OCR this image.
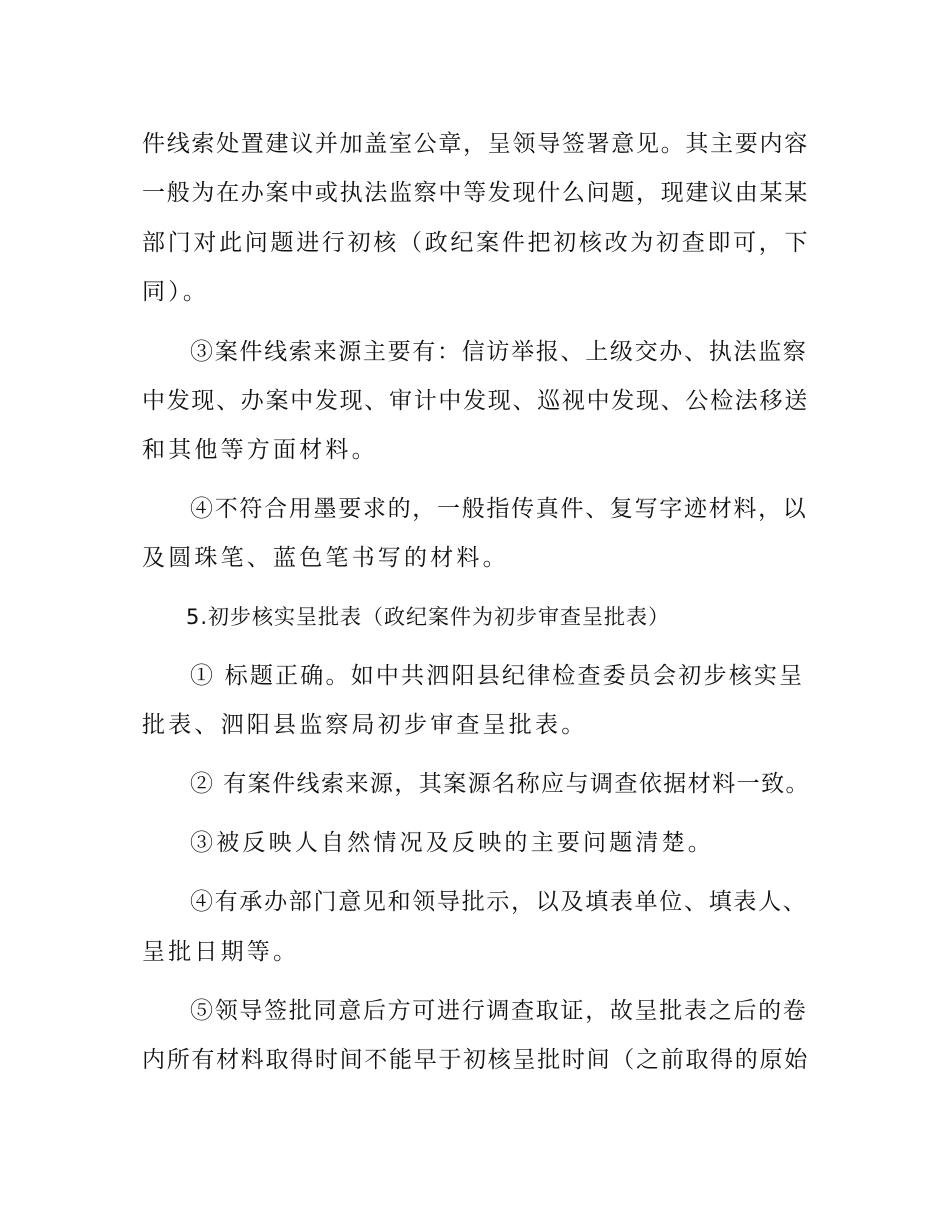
件线索处置建议并加盖室公章，呈领导签署意见。其主要内容
一般为在办案中或执法监察中等发现什么问题，现建议由某某
部门对此问题进行初核（政纪案件把初核改为初查即可，下
同）。
③案件线索来源主要有：信访举报、上级交办、执法监察
中发现、办案中发现、审计中发现、巡视中发现、公检法移送
和其他等方面材料。
④不符合用墨要求的，一般指传真件、复写字迹材料，以
及圆珠笔、蓝色笔书写的材料。
5.初步核实呈批表（政纪案件为初步审查呈批表）
① 标题正确。如中共泗阳县纪律检查委员会初步核实呈
批表、泗阳县监察局初步审查呈批表。
② 有案件线索来源，其案源名称应与调查依据材料一致。
③被反映人自然情况及反映的主要问题清楚。
④有承办部门意见和领导批示，以及填表单位、填表人、
呈批日期等。
⑤领导签批同意后方可进行调查取证，故呈批表之后的卷
内所有材料取得时间不能早于初核呈批时间（之前取得的原始
